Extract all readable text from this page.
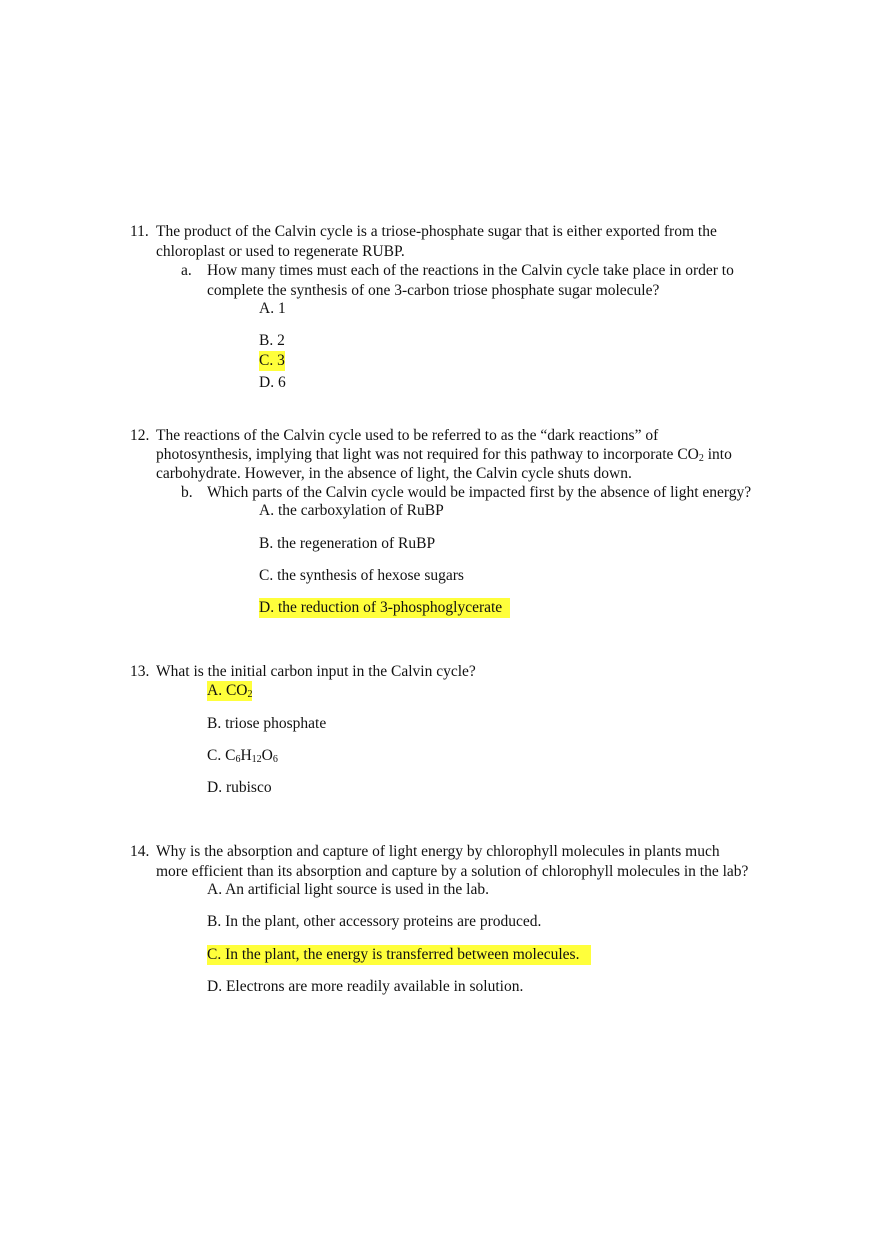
11. The product of the Calvin cycle is a triose-phosphate sugar that is either exported from the
chloroplast or used to regenerate RUBP.
a. How many times must each of the reactions in the Calvin cycle take place in order to
complete the synthesis of one 3-carbon triose phosphate sugar molecule?
A. 1
B. 2
C. 3
D. 6
12. The reactions of the Calvin cycle used to be referred to as the “dark reactions” of
photosynthesis, implying that light was not required for this pathway to incorporate $CO_2$ into
carbohydrate. However, in the absence of light, the Calvin cycle shuts down.
b. Which parts of the Calvin cycle would be impacted first by the absence of light energy?
A. the carboxylation of RuBP
B. the regeneration of RuBP
C. the synthesis of hexose sugars
D. the reduction of 3-phosphoglycerate
13. What is the initial carbon input in the Calvin cycle?
A. $CO_2$
B. triose phosphate
C. $C_6H_{12}O_6$
D. rubisco
14. Why is the absorption and capture of light energy by chlorophyll molecules in plants much
more efficient than its absorption and capture by a solution of chlorophyll molecules in the lab?
A. An artificial light source is used in the lab.
B. In the plant, other accessory proteins are produced.
C. In the plant, the energy is transferred between molecules.
D. Electrons are more readily available in solution.
